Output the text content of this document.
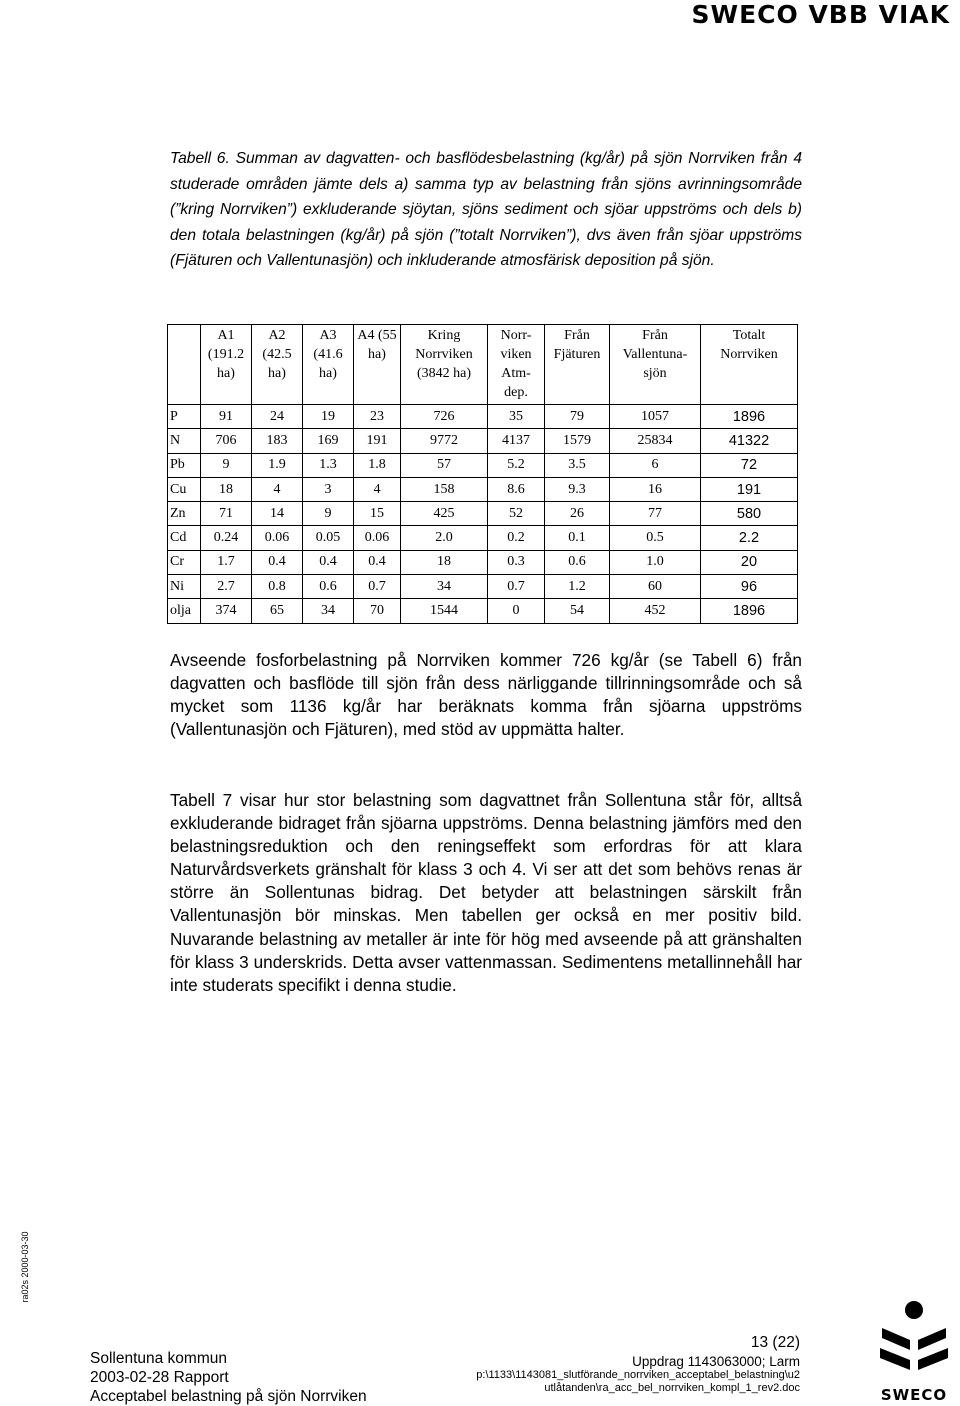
SWECO VBB VIAK
Tabell 6. Summan av dagvatten- och basflödesbelastning (kg/år) på sjön Norrviken från 4 studerade områden jämte dels a) samma typ av belastning från sjöns avrinningsområde (”kring Norrviken”) exkluderande sjöytan, sjöns sediment och sjöar uppströms och dels b) den totala belastningen (kg/år) på sjön (”totalt Norrviken”), dvs även från sjöar uppströms (Fjäturen och Vallentunasjön) och inkluderande atmosfärisk deposition på sjön.
	A1 (191.2 ha)	A2 (42.5 ha)	A3 (41.6 ha)	A4 (55 ha)	Kring Norrviken (3842 ha)	Norr-viken Atm-dep.	Från Fjäturen	Från Vallentuna-sjön	Totalt Norrviken
P	91	24	19	23	726	35	79	1057	1896
N	706	183	169	191	9772	4137	1579	25834	41322
Pb	9	1.9	1.3	1.8	57	5.2	3.5	6	72
Cu	18	4	3	4	158	8.6	9.3	16	191
Zn	71	14	9	15	425	52	26	77	580
Cd	0.24	0.06	0.05	0.06	2.0	0.2	0.1	0.5	2.2
Cr	1.7	0.4	0.4	0.4	18	0.3	0.6	1.0	20
Ni	2.7	0.8	0.6	0.7	34	0.7	1.2	60	96
olja	374	65	34	70	1544	0	54	452	1896
Avseende fosforbelastning på Norrviken kommer 726 kg/år (se Tabell 6) från dagvatten och basflöde till sjön från dess närliggande tillrinningsområde och så mycket som 1136 kg/år har beräknats komma från sjöarna uppströms (Vallentunasjön och Fjäturen), med stöd av uppmätta halter.
Tabell 7 visar hur stor belastning som dagvattnet från Sollentuna står för, alltså exkluderande bidraget från sjöarna uppströms. Denna belastning jämförs med den belastningsreduktion och den reningseffekt som erfordras för att klara Naturvårdsverkets gränshalt för klass 3 och 4. Vi ser att det som behövs renas är större än Sollentunas bidrag. Det betyder att belastningen särskilt från Vallentunasjön bör minskas. Men tabellen ger också en mer positiv bild. Nuvarande belastning av metaller är inte för hög med avseende på att gränshalten för klass 3 underskrids. Detta avser vattenmassan. Sedimentens metallinnehåll har inte studerats specifikt i denna studie.
ra02s 2000-03-30
Sollentuna kommun
2003-02-28 Rapport
Acceptabel belastning på sjön Norrviken
13 (22)
Uppdrag 1143063000; Larm
p:\1133\1143081_slutförande_norrviken_acceptabel_belastning\u2
utlåtanden\ra_acc_bel_norrviken_kompl_1_rev2.doc	SWECO
